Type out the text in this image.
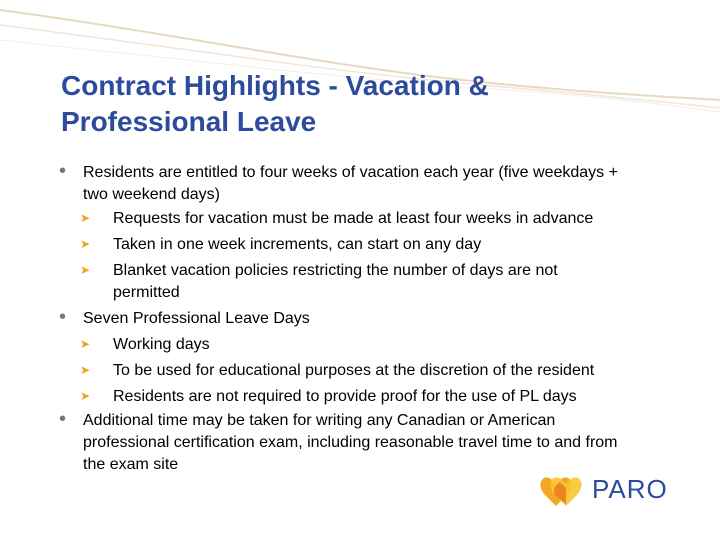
Contract Highlights - Vacation &
Professional Leave
• Residents are entitled to four weeks of vacation each year (five weekdays +
two weekend days)
➤ Requests for vacation must be made at least four weeks in advance
➤ Taken in one week increments, can start on any day
➤ Blanket vacation policies restricting the number of days are not
permitted
• Seven Professional Leave Days
➤ Working days
➤ To be used for educational purposes at the discretion of the resident
➤ Residents are not required to provide proof for the use of PL days
• Additional time may be taken for writing any Canadian or American
professional certification exam, including reasonable travel time to and from
the exam site
PARO
